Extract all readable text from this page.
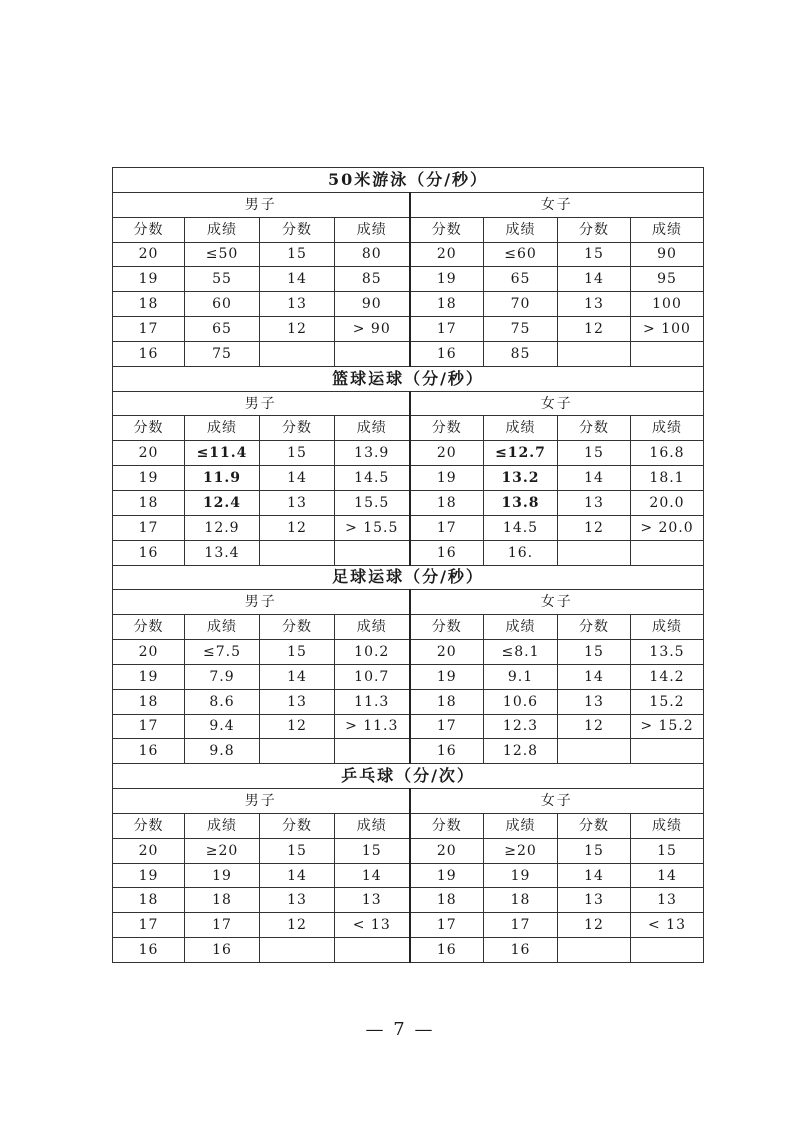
50米游泳（分/秒）							
男子				女子			
分数	成绩	分数	成绩	分数	成绩	分数	成绩
20	≤50	15	80	20	≤60	15	90
19	55	14	85	19	65	14	95
18	60	13	90	18	70	13	100
17	65	12	> 90	17	75	12	> 100
16	75			16	85		
篮球运球（分/秒）							
男子				女子			
分数	成绩	分数	成绩	分数	成绩	分数	成绩
20	≤11.4	15	13.9	20	≤12.7	15	16.8
19	11.9	14	14.5	19	13.2	14	18.1
18	12.4	13	15.5	18	13.8	13	20.0
17	12.9	12	> 15.5	17	14.5	12	> 20.0
16	13.4			16	16.		
足球运球（分/秒）							
男子				女子			
分数	成绩	分数	成绩	分数	成绩	分数	成绩
20	≤7.5	15	10.2	20	≤8.1	15	13.5
19	7.9	14	10.7	19	9.1	14	14.2
18	8.6	13	11.3	18	10.6	13	15.2
17	9.4	12	> 11.3	17	12.3	12	> 15.2
16	9.8			16	12.8		
乒乓球（分/次）							
男子				女子			
分数	成绩	分数	成绩	分数	成绩	分数	成绩
20	≥20	15	15	20	≥20	15	15
19	19	14	14	19	19	14	14
18	18	13	13	18	18	13	13
17	17	12	< 13	17	17	12	< 13
16	16			16	16		
— 7 —
